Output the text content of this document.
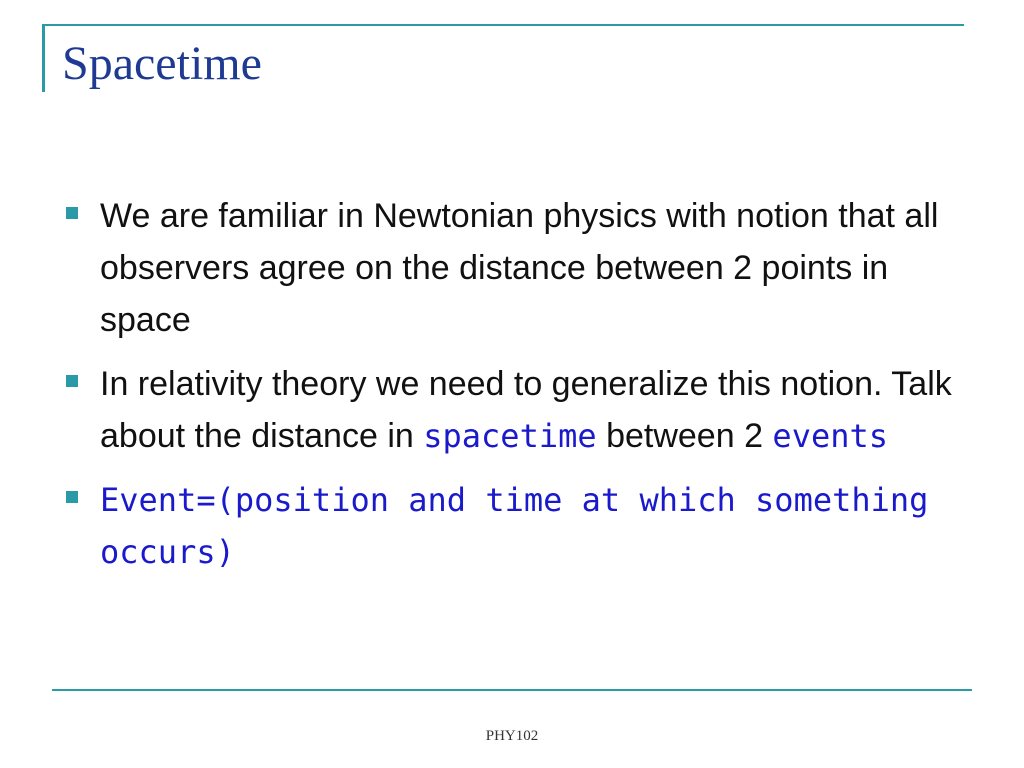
Spacetime
We are familiar in Newtonian physics with notion that all observers agree on the distance between 2 points in space
In relativity theory we need to generalize this notion. Talk about the distance in spacetime between 2 events
Event=(position and time at which something occurs)
PHY102
